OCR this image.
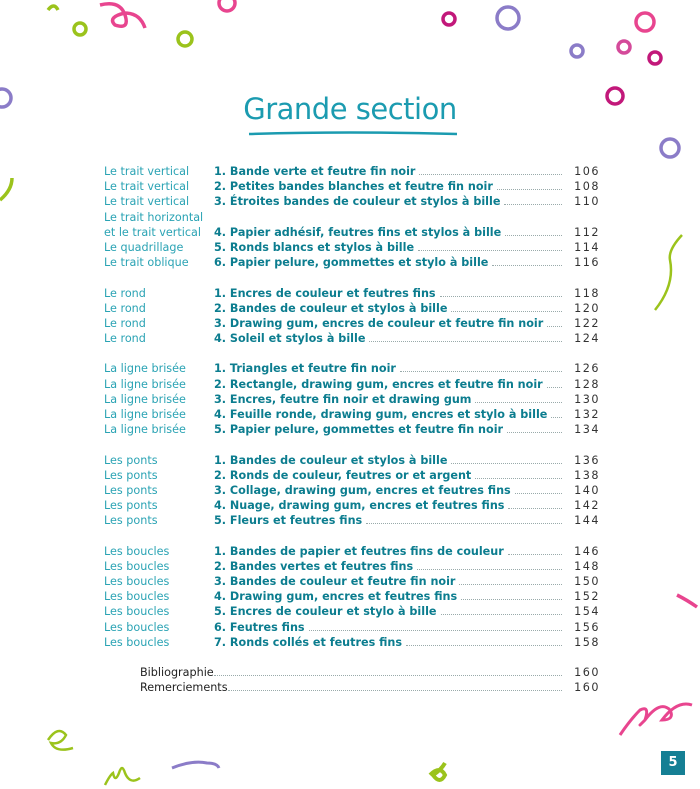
Grande section
Le trait vertical	1. Bande verte et feutre fin noir	106
Le trait vertical	2. Petites bandes blanches et feutre fin noir	108
Le trait vertical	3. Étroites bandes de couleur et stylos à bille	110
Le trait horizontal
et le trait vertical	4. Papier adhésif, feutres fins et stylos à bille	112
Le quadrillage	5. Ronds blancs et stylos à bille	114
Le trait oblique	6. Papier pelure, gommettes et stylo à bille	116
Le rond	1. Encres de couleur et feutres fins	118
Le rond	2. Bandes de couleur et stylos à bille	120
Le rond	3. Drawing gum, encres de couleur et feutre fin noir	122
Le rond	4. Soleil et stylos à bille	124
La ligne brisée	1. Triangles et feutre fin noir	126
La ligne brisée	2. Rectangle, drawing gum, encres et feutre fin noir	128
La ligne brisée	3. Encres, feutre fin noir et drawing gum	130
La ligne brisée	4. Feuille ronde, drawing gum, encres et stylo à bille	132
La ligne brisée	5. Papier pelure, gommettes et feutre fin noir	134
Les ponts	1. Bandes de couleur et stylos à bille	136
Les ponts	2. Ronds de couleur, feutres or et argent	138
Les ponts	3. Collage, drawing gum, encres et feutres fins	140
Les ponts	4. Nuage, drawing gum, encres et feutres fins	142
Les ponts	5. Fleurs et feutres fins	144
Les boucles	1. Bandes de papier et feutres fins de couleur	146
Les boucles	2. Bandes vertes et feutres fins	148
Les boucles	3. Bandes de couleur et feutre fin noir	150
Les boucles	4. Drawing gum, encres et feutres fins	152
Les boucles	5. Encres de couleur et stylo à bille	154
Les boucles	6. Feutres fins	156
Les boucles	7. Ronds collés et feutres fins	158
Bibliographie	160
Remerciements	160
5
